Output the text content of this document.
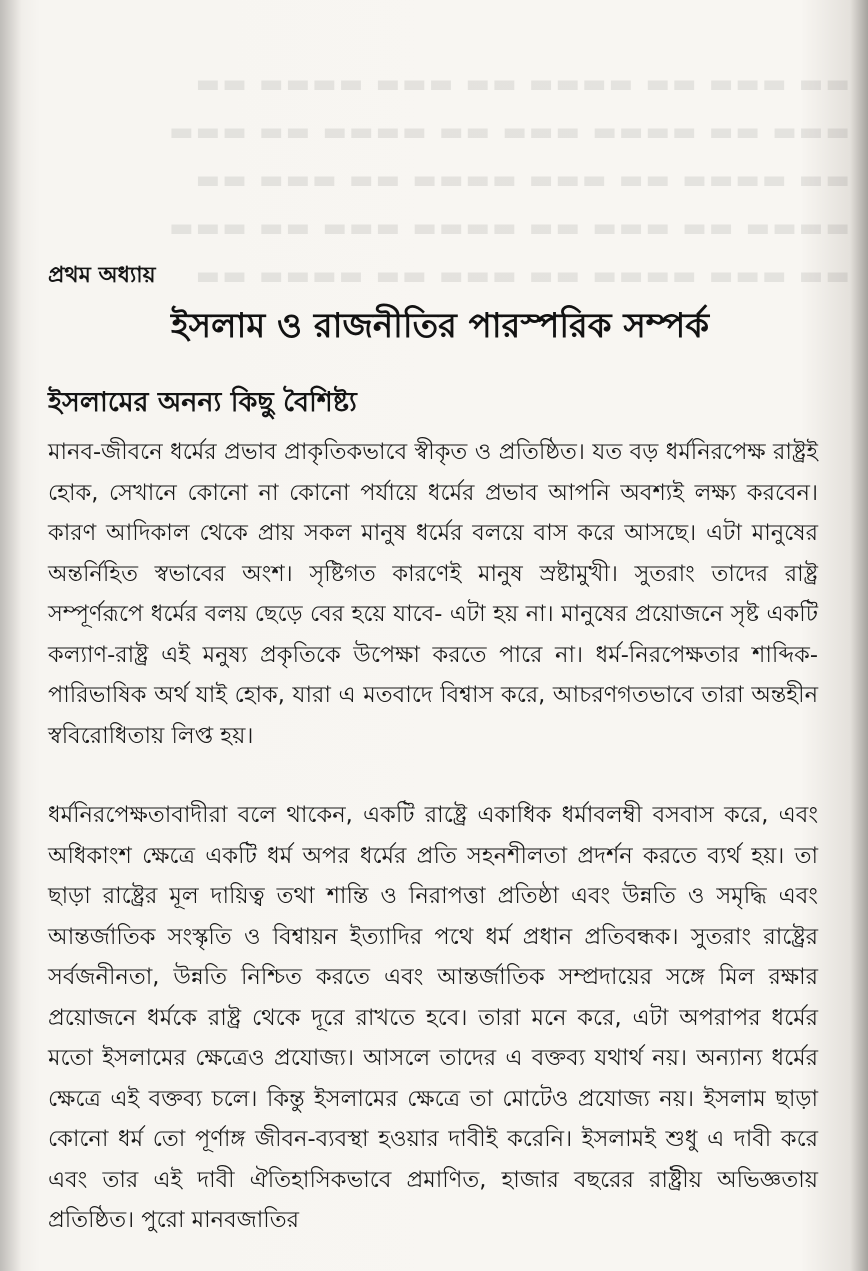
▬▬ ▬▬▬ ▬▬ ▬▬▬▬ ▬▬ ▬▬▬ ▬▬▬▬ ▬▬
▬▬▬ ▬▬ ▬▬▬▬ ▬▬▬ ▬▬ ▬▬▬▬ ▬▬ ▬▬▬
▬▬ ▬▬▬▬ ▬▬ ▬▬▬ ▬▬▬▬ ▬▬ ▬▬▬ ▬▬
▬▬▬▬ ▬▬ ▬▬▬ ▬▬ ▬▬▬▬ ▬▬▬ ▬▬ ▬▬▬
▬▬ ▬▬▬ ▬▬▬▬ ▬▬ ▬▬▬ ▬▬ ▬▬▬▬ ▬▬
প্রথম অধ্যায়
ইসলাম ও রাজনীতির পারস্পরিক সম্পর্ক
ইসলামের অনন্য কিছু বৈশিষ্ট্য
মানব-জীবনে ধর্মের প্রভাব প্রাকৃতিকভাবে স্বীকৃত ও প্রতিষ্ঠিত। যত বড় ধর্মনিরপেক্ষ রাষ্ট্রই হোক, সেখানে কোনো না কোনো পর্যায়ে ধর্মের প্রভাব আপনি অবশ্যই লক্ষ্য করবেন। কারণ আদিকাল থেকে প্রায় সকল মানুষ ধর্মের বলয়ে বাস করে আসছে। এটা মানুষের অন্তর্নিহিত স্বভাবের অংশ। সৃষ্টিগত কারণেই মানুষ স্রষ্টামুখী। সুতরাং তাদের রাষ্ট্র সম্পূর্ণরূপে ধর্মের বলয় ছেড়ে বের হয়ে যাবে- এটা হয় না। মানুষের প্রয়োজনে সৃষ্ট একটি কল্যাণ-রাষ্ট্র এই মনুষ্য প্রকৃতিকে উপেক্ষা করতে পারে না। ধর্ম-নিরপেক্ষতার শাব্দিক-পারিভাষিক অর্থ যাই হোক, যারা এ মতবাদে বিশ্বাস করে, আচরণগতভাবে তারা অন্তহীন স্ববিরোধিতায় লিপ্ত হয়।
ধর্মনিরপেক্ষতাবাদীরা বলে থাকেন, একটি রাষ্ট্রে একাধিক ধর্মাবলম্বী বসবাস করে, এবং অধিকাংশ ক্ষেত্রে একটি ধর্ম অপর ধর্মের প্রতি সহনশীলতা প্রদর্শন করতে ব্যর্থ হয়। তা ছাড়া রাষ্ট্রের মূল দায়িত্ব তথা শান্তি ও নিরাপত্তা প্রতিষ্ঠা এবং উন্নতি ও সমৃদ্ধি এবং আন্তর্জাতিক সংস্কৃতি ও বিশ্বায়ন ইত্যাদির পথে ধর্ম প্রধান প্রতিবন্ধক। সুতরাং রাষ্ট্রের সর্বজনীনতা, উন্নতি নিশ্চিত করতে এবং আন্তর্জাতিক সম্প্রদায়ের সঙ্গে মিল রক্ষার প্রয়োজনে ধর্মকে রাষ্ট্র থেকে দূরে রাখতে হবে। তারা মনে করে, এটা অপরাপর ধর্মের মতো ইসলামের ক্ষেত্রেও প্রযোজ্য। আসলে তাদের এ বক্তব্য যথার্থ নয়। অন্যান্য ধর্মের ক্ষেত্রে এই বক্তব্য চলে। কিন্তু ইসলামের ক্ষেত্রে তা মোটেও প্রযোজ্য নয়। ইসলাম ছাড়া কোনো ধর্ম তো পূর্ণাঙ্গ জীবন-ব্যবস্থা হওয়ার দাবীই করেনি। ইসলামই শুধু এ দাবী করে এবং তার এই দাবী ঐতিহাসিকভাবে প্রমাণিত, হাজার বছরের রাষ্ট্রীয় অভিজ্ঞতায় প্রতিষ্ঠিত। পুরো মানবজাতির
